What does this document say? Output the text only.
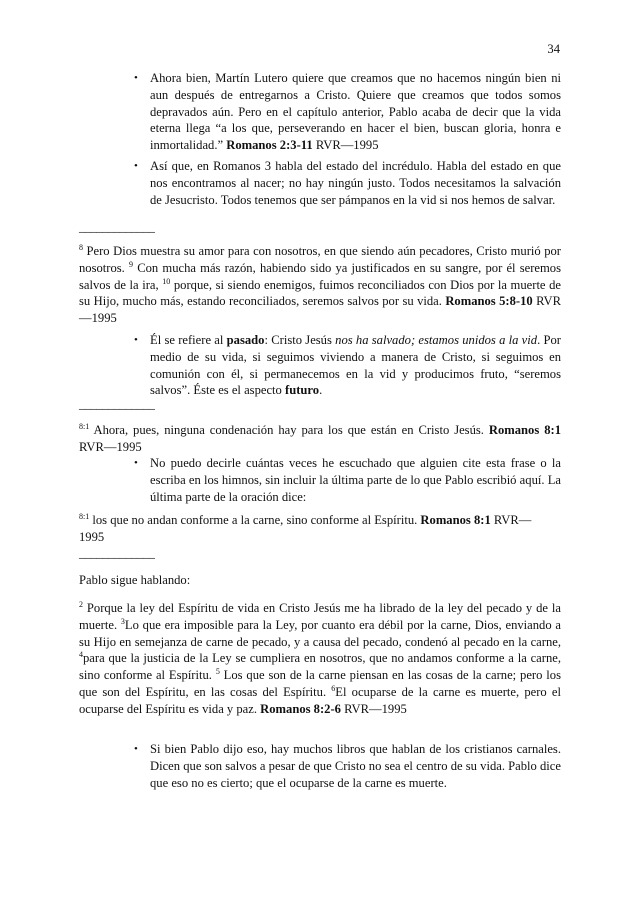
34

• Ahora bien, Martín Lutero quiere que creamos que no hacemos ningún bien ni aun después de entregarnos a Cristo. Quiere que creamos que todos somos depravados aún. Pero en el capítulo anterior, Pablo acaba de decir que la vida eterna llega “a los que, perseverando en hacer el bien, buscan gloria, honra e inmortalidad.” Romanos 2:3-11 RVR—1995

• Así que, en Romanos 3 habla del estado del incrédulo. Habla del estado en que nos encontramos al nacer; no hay ningún justo. Todos necesitamos la salvación de Jesucristo. Todos tenemos que ser pámpanos en la vid si nos hemos de salvar.

_____________

$^8$ Pero Dios muestra su amor para con nosotros, en que siendo aún pecadores, Cristo murió por nosotros. $^9$ Con mucha más razón, habiendo sido ya justificados en su sangre, por él seremos salvos de la ira, $^{10}$ porque, si siendo enemigos, fuimos reconciliados con Dios por la muerte de su Hijo, mucho más, estando reconciliados, seremos salvos por su vida. Romanos 5:8-10 RVR—1995

• Él se refiere al pasado: Cristo Jesús nos ha salvado; estamos unidos a la vid. Por medio de su vida, si seguimos viviendo a manera de Cristo, si seguimos en comunión con él, si permanecemos en la vid y producimos fruto, “seremos salvos”. Éste es el aspecto futuro.

_____________

$^{8:1}$ Ahora, pues, ninguna condenación hay para los que están en Cristo Jesús. Romanos 8:1 RVR—1995

• No puedo decirle cuántas veces he escuchado que alguien cite esta frase o la escriba en los himnos, sin incluir la última parte de lo que Pablo escribió aquí. La última parte de la oración dice:

$^{8:1}$ los que no andan conforme a la carne, sino conforme al Espíritu. Romanos 8:1 RVR—1995

_____________

Pablo sigue hablando:

$^2$ Porque la ley del Espíritu de vida en Cristo Jesús me ha librado de la ley del pecado y de la muerte. $^3$Lo que era imposible para la Ley, por cuanto era débil por la carne, Dios, enviando a su Hijo en semejanza de carne de pecado, y a causa del pecado, condenó al pecado en la carne, $^4$para que la justicia de la Ley se cumpliera en nosotros, que no andamos conforme a la carne, sino conforme al Espíritu. $^5$ Los que son de la carne piensan en las cosas de la carne; pero los que son del Espíritu, en las cosas del Espíritu. $^6$El ocuparse de la carne es muerte, pero el ocuparse del Espíritu es vida y paz. Romanos 8:2-6 RVR—1995

• Si bien Pablo dijo eso, hay muchos libros que hablan de los cristianos carnales. Dicen que son salvos a pesar de que Cristo no sea el centro de su vida. Pablo dice que eso no es cierto; que el ocuparse de la carne es muerte.
